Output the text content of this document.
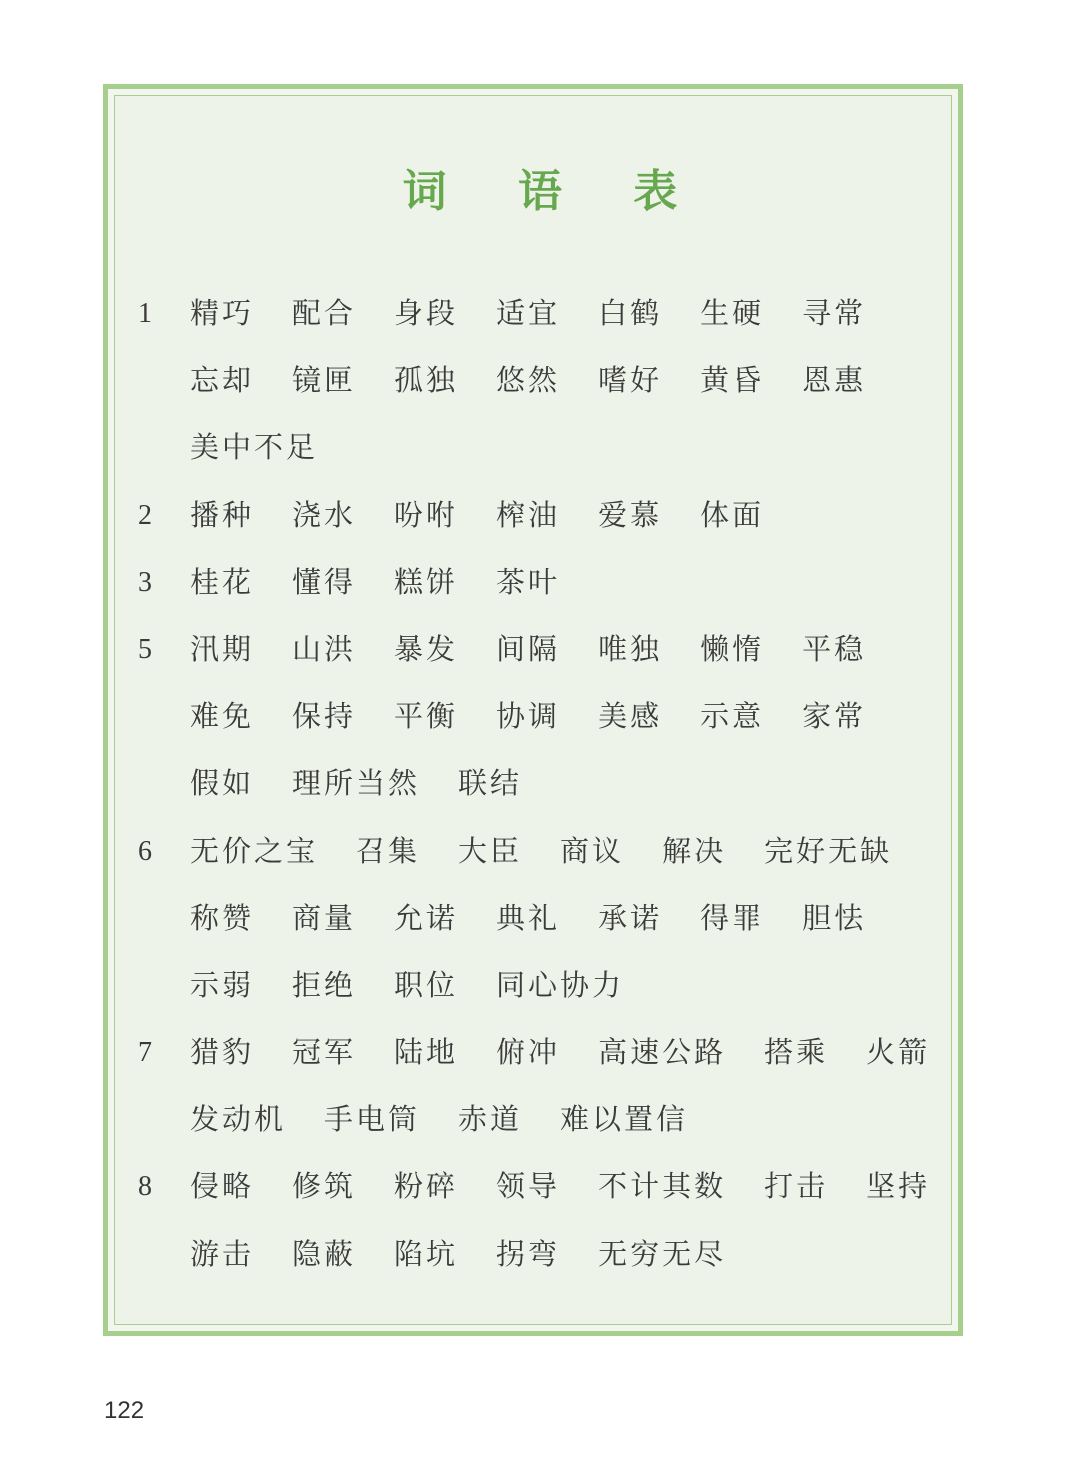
词 语 表
1 精巧 配合 身段 适宜 白鹤 生硬 寻常
忘却 镜匣 孤独 悠然 嗜好 黄昏 恩惠
美中不足
2 播种 浇水 吩咐 榨油 爱慕 体面
3 桂花 懂得 糕饼 茶叶
5 汛期 山洪 暴发 间隔 唯独 懒惰 平稳
难免 保持 平衡 协调 美感 示意 家常
假如 理所当然 联结
6 无价之宝 召集 大臣 商议 解决 完好无缺
称赞 商量 允诺 典礼 承诺 得罪 胆怯
示弱 拒绝 职位 同心协力
7 猎豹 冠军 陆地 俯冲 高速公路 搭乘 火箭
发动机 手电筒 赤道 难以置信
8 侵略 修筑 粉碎 领导 不计其数 打击 坚持
游击 隐蔽 陷坑 拐弯 无穷无尽
122
